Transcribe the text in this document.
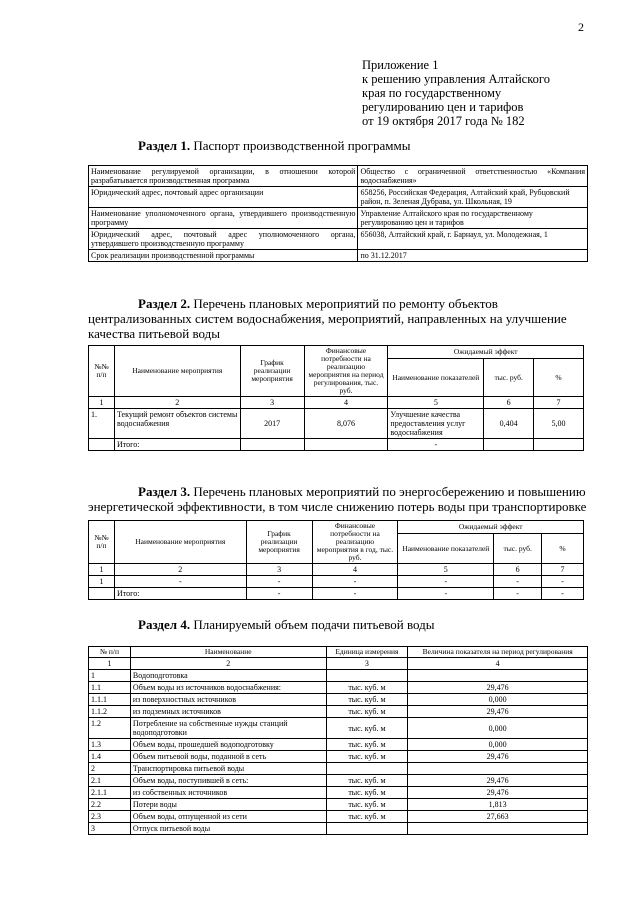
2
Приложение 1
к решению управления Алтайского
края по государственному
регулированию цен и тарифов
от 19 октября 2017 года № 182
Раздел 1. Паспорт производственной программы
Наименование регулируемой организации, в отношении которой разрабатывается производственная программа	Общество с ограниченной ответственностью «Компания водоснабжения»
Юридический адрес, почтовый адрес организации	658256, Российская Федерация, Алтайский край, Рубцовский район, п. Зеленая Дубрава, ул. Школьная, 19
Наименование уполномоченного органа, утвердившего производственную программу	Управление Алтайского края по государственному регулированию цен и тарифов
Юридический адрес, почтовый адрес уполномоченного органа, утвердившего производственную программу	656038, Алтайский край, г. Барнаул, ул. Молодежная, 1
Срок реализации производственной программы	по 31.12.2017
Раздел 2. Перечень плановых мероприятий по ремонту объектов централизованных систем водоснабжения, мероприятий, направленных на улучшение качества питьевой воды
№№ п/п	Наименование мероприятия	График реализации мероприятия	Финансовые потребности на реализацию мероприятия на период регулирования, тыс. руб.	Ожидаемый эффект		
				Наименование показателей	тыс. руб.	%
1	2	3	4	5	6	7
1.	Текущий ремонт объектов системы водоснабжения	2017	8,076	Улучшение качества предоставления услуг водоснабжения	0,404	5,00
	Итого:			-		
Раздел 3. Перечень плановых мероприятий по энергосбережению и повышению энергетической эффективности, в том числе снижению потерь воды при транспортировке
№№ п/п	Наименование мероприятия	График реализации мероприятия	Финансовые потребности на реализацию мероприятия в год, тыс. руб.	Ожидаемый эффект		
				Наименование показателей	тыс. руб.	%
1	2	3	4	5	6	7
1	-	-	-	-	-	-
	Итого:	-	-	-	-	-
Раздел 4. Планируемый объем подачи питьевой воды
№ п/п	Наименование	Единица измерения	Величина показателя на период регулирования
1	2	3	4
1	Водоподготовка		
1.1	Объем воды из источников водоснабжения:	тыс. куб. м	29,476
1.1.1	из поверхностных источников	тыс. куб. м	0,000
1.1.2	из подземных источников	тыс. куб. м	29,476
1.2	Потребление на собственные нужды станций водоподготовки	тыс. куб. м	0,000
1.3	Объем воды, прошедшей водоподготовку	тыс. куб. м	0,000
1.4	Объем питьевой воды, поданной в сеть	тыс. куб. м	29,476
2	Транспортировка питьевой воды		
2.1	Объем воды, поступившей в сеть:	тыс. куб. м	29,476
2.1.1	из собственных источников	тыс. куб. м	29,476
2.2	Потери воды	тыс. куб. м	1,813
2.3	Объем воды, отпущенной из сети	тыс. куб. м	27,663
3	Отпуск питьевой воды		
